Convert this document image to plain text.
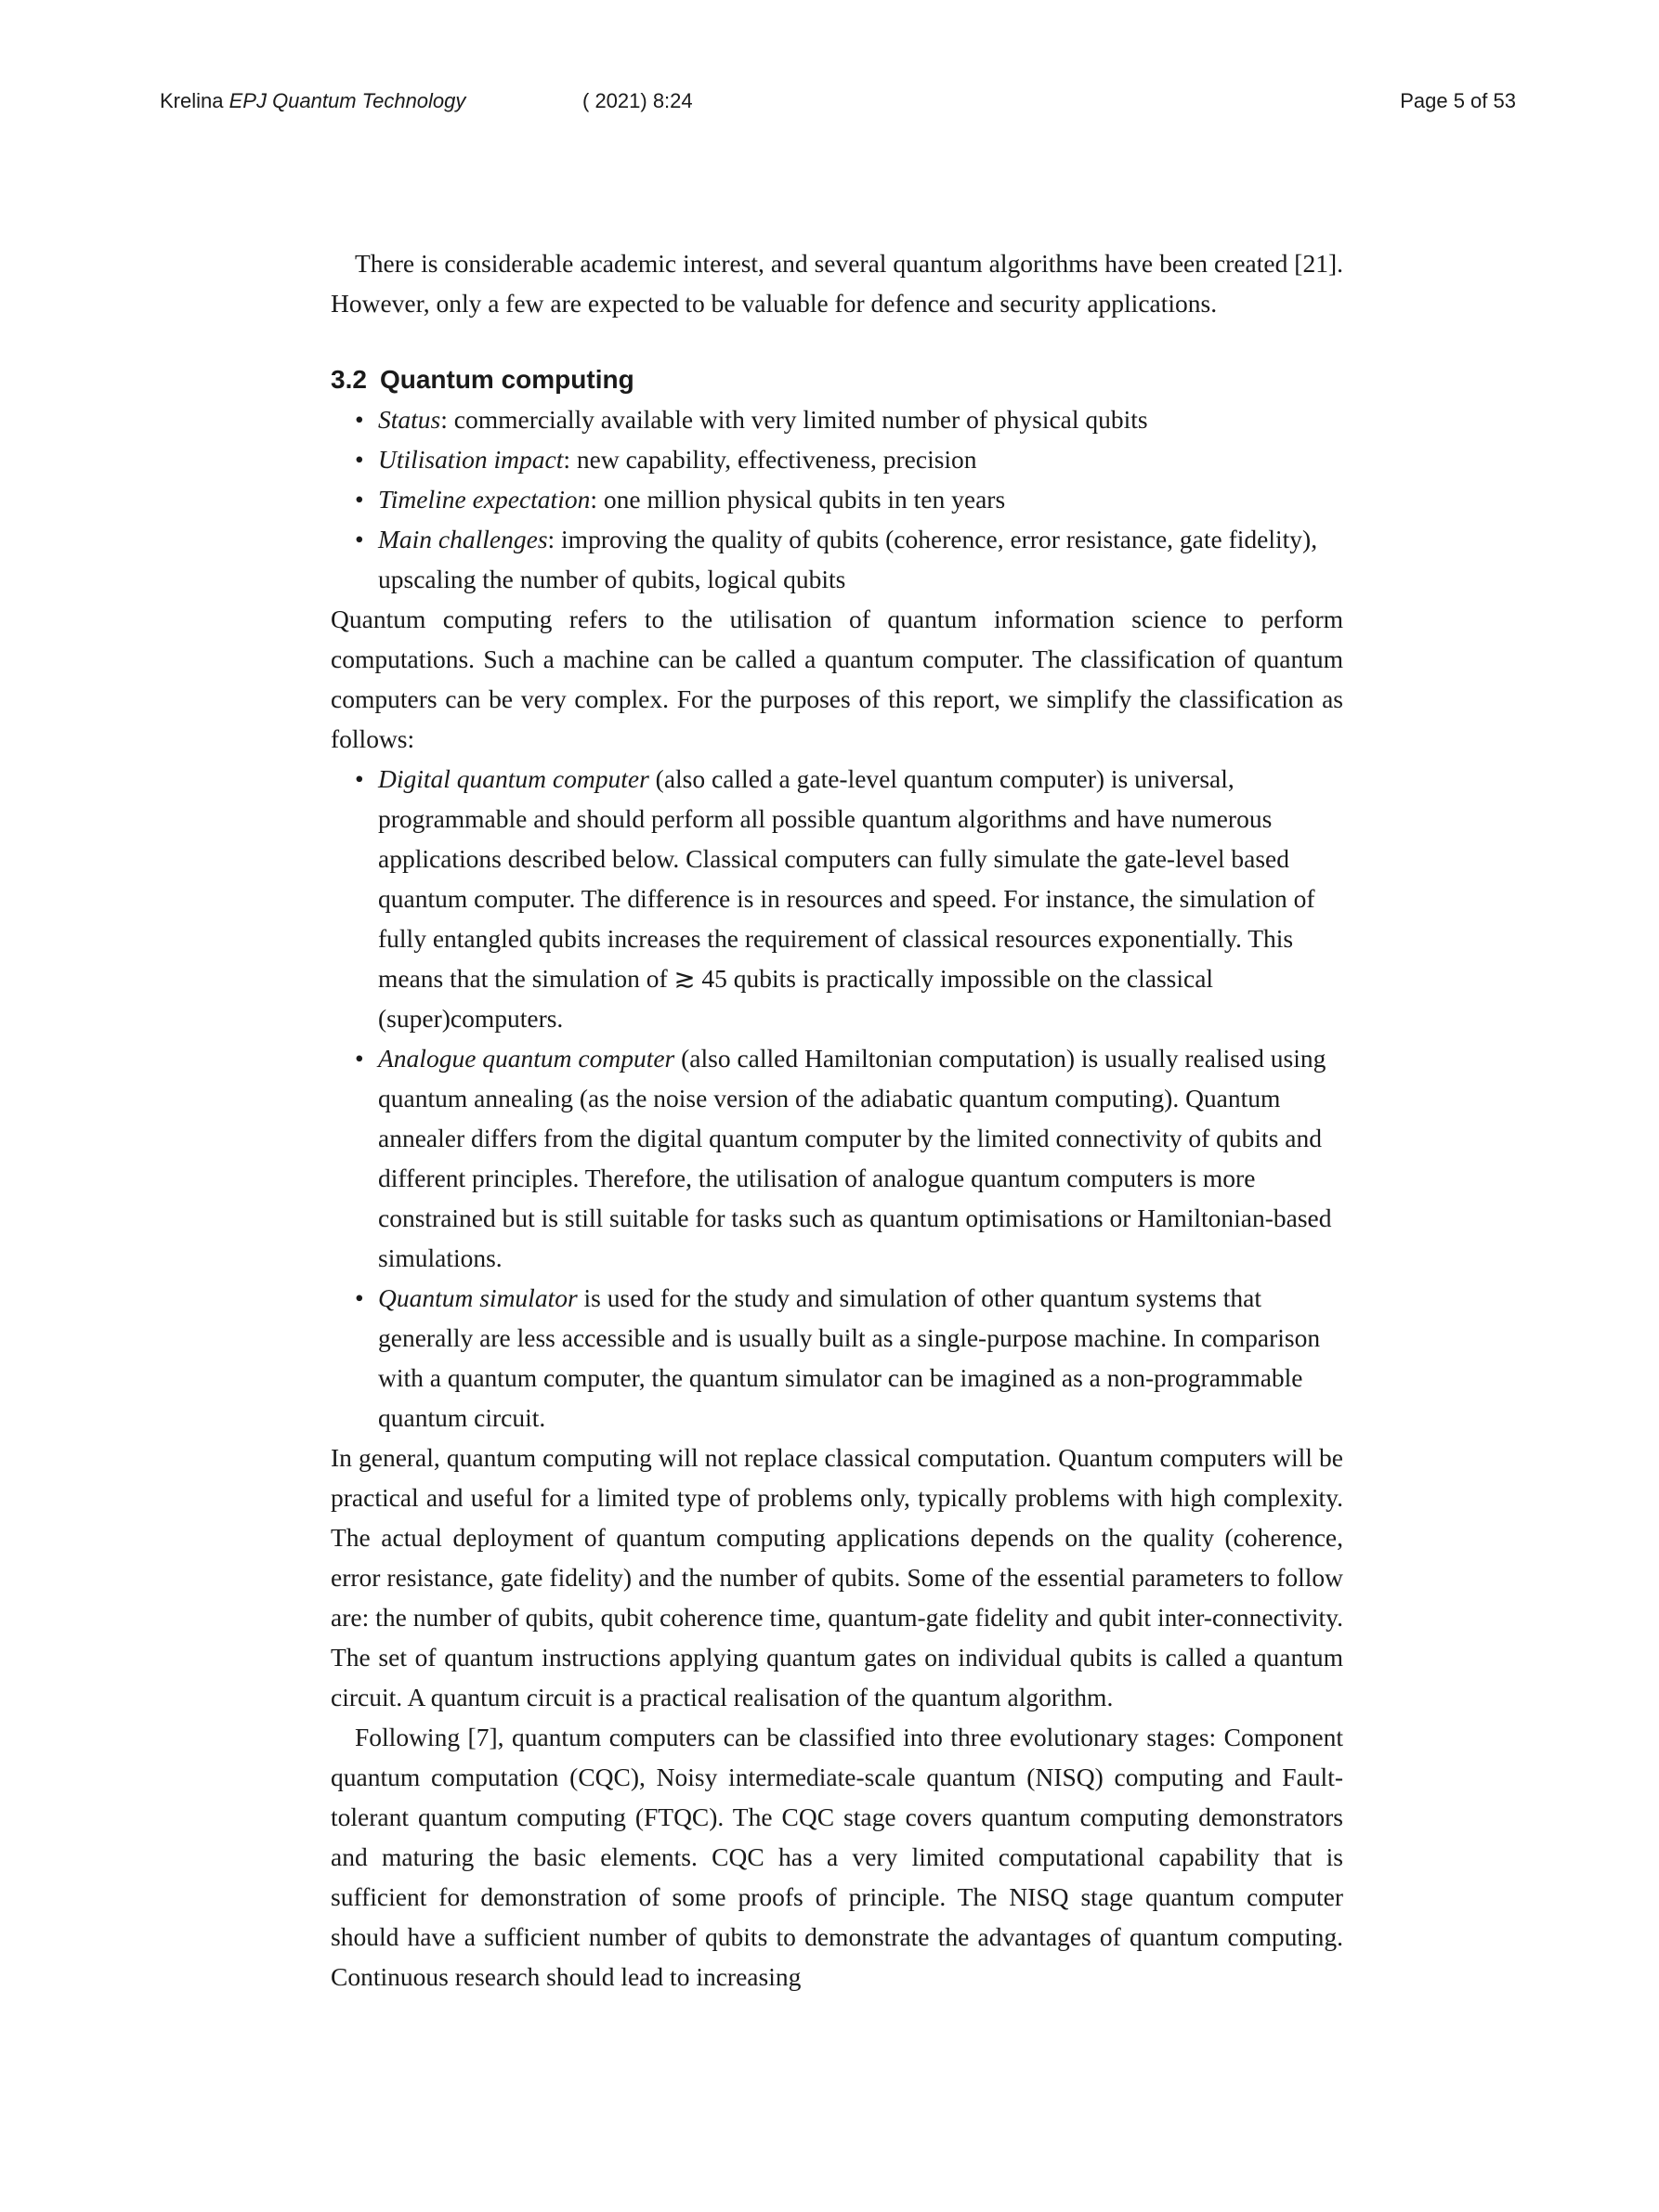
Krelina EPJ Quantum Technology	( 2021) 8:24	Page 5 of 53

There is considerable academic interest, and several quantum algorithms have been created [21]. However, only a few are expected to be valuable for defence and security applications.

3.2 Quantum computing
• Status: commercially available with very limited number of physical qubits
• Utilisation impact: new capability, effectiveness, precision
• Timeline expectation: one million physical qubits in ten years
• Main challenges: improving the quality of qubits (coherence, error resistance, gate fidelity), upscaling the number of qubits, logical qubits

Quantum computing refers to the utilisation of quantum information science to perform computations. Such a machine can be called a quantum computer. The classification of quantum computers can be very complex. For the purposes of this report, we simplify the classification as follows:

• Digital quantum computer (also called a gate-level quantum computer) is universal, programmable and should perform all possible quantum algorithms and have numerous applications described below. Classical computers can fully simulate the gate-level based quantum computer. The difference is in resources and speed. For instance, the simulation of fully entangled qubits increases the requirement of classical resources exponentially. This means that the simulation of ≳ 45 qubits is practically impossible on the classical (super)computers.
• Analogue quantum computer (also called Hamiltonian computation) is usually realised using quantum annealing (as the noise version of the adiabatic quantum computing). Quantum annealer differs from the digital quantum computer by the limited connectivity of qubits and different principles. Therefore, the utilisation of analogue quantum computers is more constrained but is still suitable for tasks such as quantum optimisations or Hamiltonian-based simulations.
• Quantum simulator is used for the study and simulation of other quantum systems that generally are less accessible and is usually built as a single-purpose machine. In comparison with a quantum computer, the quantum simulator can be imagined as a non-programmable quantum circuit.

In general, quantum computing will not replace classical computation. Quantum computers will be practical and useful for a limited type of problems only, typically problems with high complexity. The actual deployment of quantum computing applications depends on the quality (coherence, error resistance, gate fidelity) and the number of qubits. Some of the essential parameters to follow are: the number of qubits, qubit coherence time, quantum-gate fidelity and qubit inter-connectivity. The set of quantum instructions applying quantum gates on individual qubits is called a quantum circuit. A quantum circuit is a practical realisation of the quantum algorithm.

Following [7], quantum computers can be classified into three evolutionary stages: Component quantum computation (CQC), Noisy intermediate-scale quantum (NISQ) computing and Fault-tolerant quantum computing (FTQC). The CQC stage covers quantum computing demonstrators and maturing the basic elements. CQC has a very limited computational capability that is sufficient for demonstration of some proofs of principle. The NISQ stage quantum computer should have a sufficient number of qubits to demonstrate the advantages of quantum computing. Continuous research should lead to increasing
